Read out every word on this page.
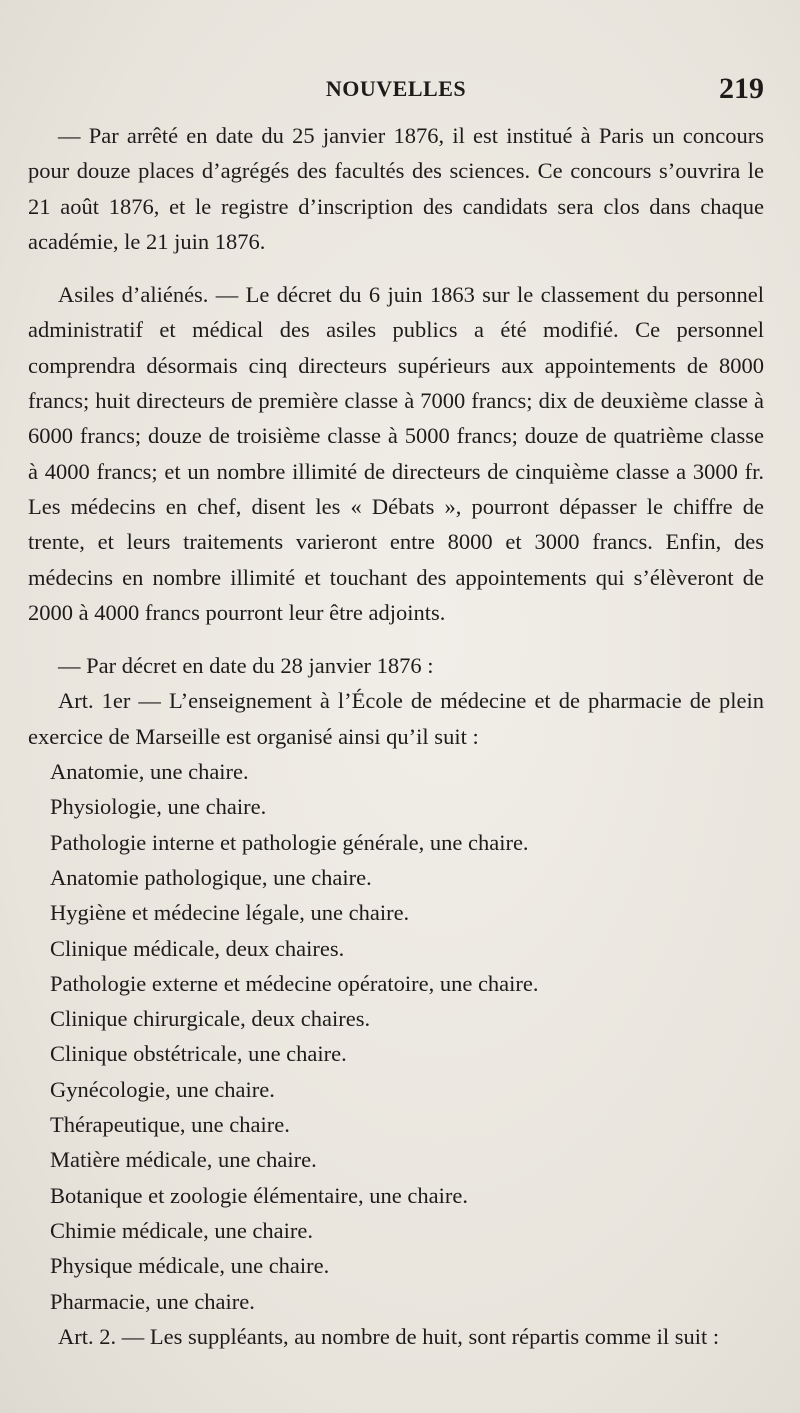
NOUVELLES	219

— Par arrêté en date du 25 janvier 1876, il est institué à Paris un concours pour douze places d’agrégés des facultés des sciences. Ce concours s’ouvrira le 21 août 1876, et le registre d’inscription des candidats sera clos dans chaque académie, le 21 juin 1876.

Asiles d’aliénés. — Le décret du 6 juin 1863 sur le classement du personnel administratif et médical des asiles publics a été modifié. Ce personnel comprendra désormais cinq directeurs supérieurs aux appointements de 8000 francs; huit directeurs de première classe à 7000 francs; dix de deuxième classe à 6000 francs; douze de troisième classe à 5000 francs; douze de quatrième classe à 4000 francs; et un nombre illimité de directeurs de cinquième classe a 3000 fr. Les médecins en chef, disent les « Débats », pourront dépasser le chiffre de trente, et leurs traitements varieront entre 8000 et 3000 francs. Enfin, des médecins en nombre illimité et touchant des appointements qui s’élèveront de 2000 à 4000 francs pourront leur être adjoints.

— Par décret en date du 28 janvier 1876 :

Art. 1er — L’enseignement à l’École de médecine et de pharmacie de plein exercice de Marseille est organisé ainsi qu’il suit :

Anatomie, une chaire.
Physiologie, une chaire.
Pathologie interne et pathologie générale, une chaire.
Anatomie pathologique, une chaire.
Hygiène et médecine légale, une chaire.
Clinique médicale, deux chaires.
Pathologie externe et médecine opératoire, une chaire.
Clinique chirurgicale, deux chaires.
Clinique obstétricale, une chaire.
Gynécologie, une chaire.
Thérapeutique, une chaire.
Matière médicale, une chaire.
Botanique et zoologie élémentaire, une chaire.
Chimie médicale, une chaire.
Physique médicale, une chaire.
Pharmacie, une chaire.

Art. 2. — Les suppléants, au nombre de huit, sont répartis comme il suit :
